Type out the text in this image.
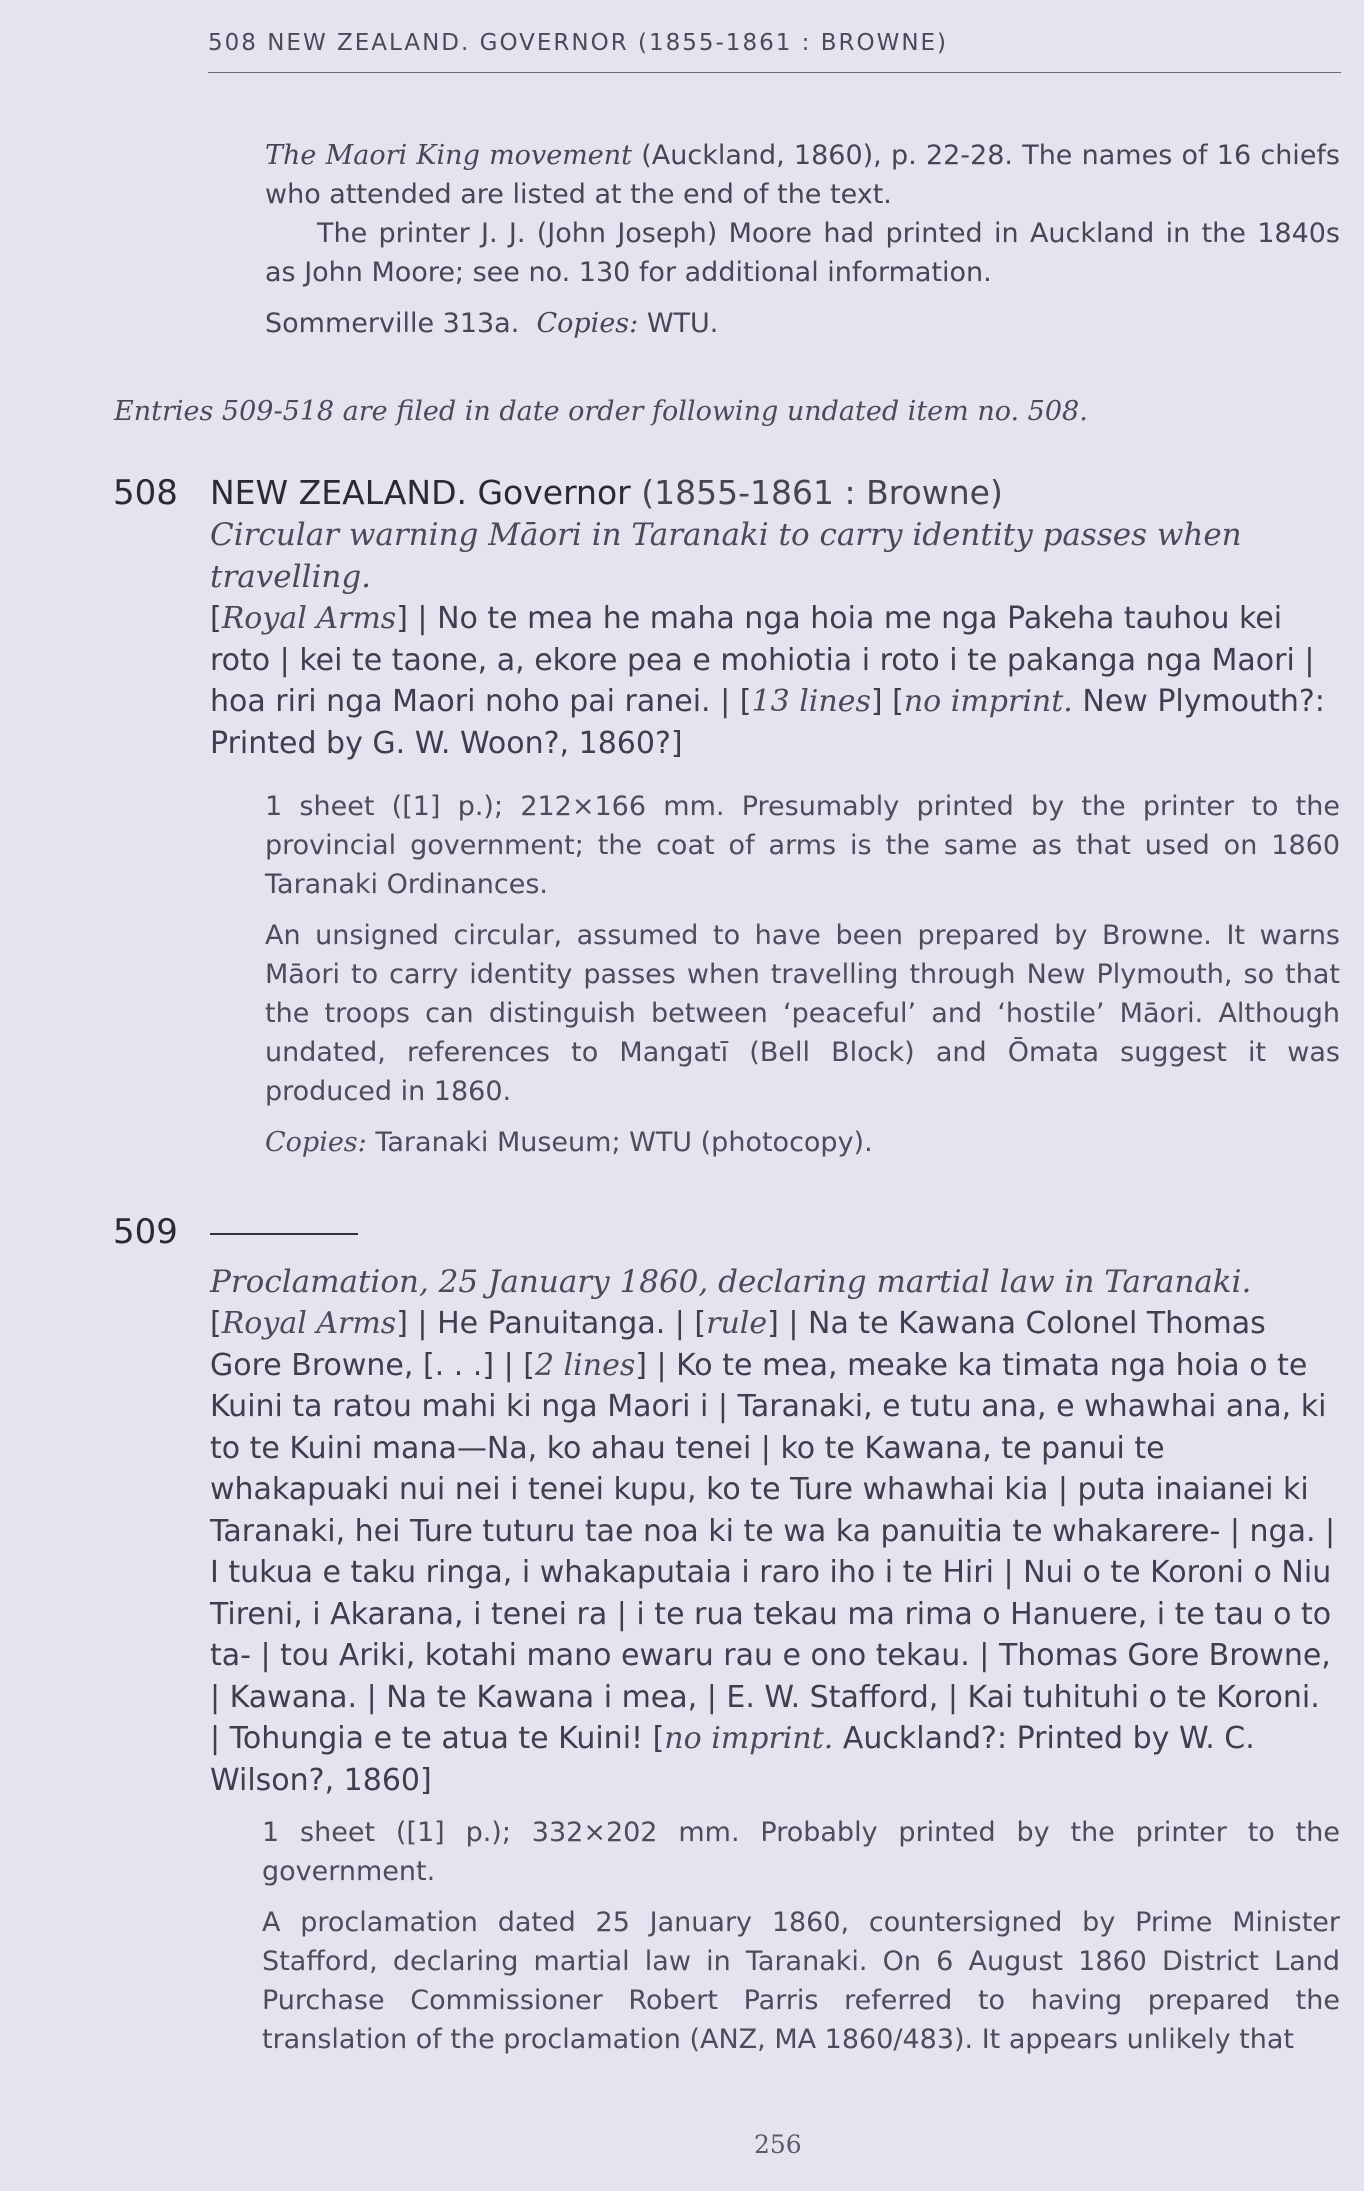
508 NEW ZEALAND. GOVERNOR (1855-1861 : BROWNE)

The Maori King movement (Auckland, 1860), p. 22-28. The names of 16 chiefs who attended are listed at the end of the text.

The printer J. J. (John Joseph) Moore had printed in Auckland in the 1840s as John Moore; see no. 130 for additional information.

Sommerville 313a. Copies: WTU.

Entries 509-518 are filed in date order following undated item no. 508.
508 NEW ZEALAND. Governor (1855-1861 : Browne)

Circular warning Māori in Taranaki to carry identity passes when travelling.

[Royal Arms] | No te mea he maha nga hoia me nga Pakeha tauhou kei roto | kei te taone, a, ekore pea e mohiotia i roto i te pakanga nga Maori | hoa riri nga Maori noho pai ranei. | [13 lines] [no imprint. New Plymouth?: Printed by G. W. Woon?, 1860?]

1 sheet ([1] p.); 212×166 mm. Presumably printed by the printer to the provincial government; the coat of arms is the same as that used on 1860 Taranaki Ordinances.

An unsigned circular, assumed to have been prepared by Browne. It warns Māori to carry identity passes when travelling through New Plymouth, so that the troops can distinguish between ‘peaceful’ and ‘hostile’ Māori. Although undated, references to Mangatī (Bell Block) and Ōmata suggest it was produced in 1860.

Copies: Taranaki Museum; WTU (photocopy).

509

Proclamation, 25 January 1860, declaring martial law in Taranaki.

[Royal Arms] | He Panuitanga. | [rule] | Na te Kawana Colonel Thomas Gore Browne, [. . .] | [2 lines] | Ko te mea, meake ka timata nga hoia o te Kuini ta ratou mahi ki nga Maori i | Taranaki, e tutu ana, e whawhai ana, ki to te Kuini mana—Na, ko ahau tenei | ko te Kawana, te panui te whakapuaki nui nei i tenei kupu, ko te Ture whawhai kia | puta inaianei ki Taranaki, hei Ture tuturu tae noa ki te wa ka panuitia te whakarere- | nga. | I tukua e taku ringa, i whakaputaia i raro iho i te Hiri | Nui o te Koroni o Niu Tireni, i Akarana, i tenei ra | i te rua tekau ma rima o Hanuere, i te tau o to ta- | tou Ariki, kotahi mano ewaru rau e ono tekau. | Thomas Gore Browne, | Kawana. | Na te Kawana i mea, | E. W. Stafford, | Kai tuhituhi o te Koroni. | Tohungia e te atua te Kuini! [no imprint. Auckland?: Printed by W. C. Wilson?, 1860]

1 sheet ([1] p.); 332×202 mm. Probably printed by the printer to the government.

A proclamation dated 25 January 1860, countersigned by Prime Minister Stafford, declaring martial law in Taranaki. On 6 August 1860 District Land Purchase Commissioner Robert Parris referred to having prepared the translation of the proclamation (ANZ, MA 1860/483). It appears unlikely that

256
